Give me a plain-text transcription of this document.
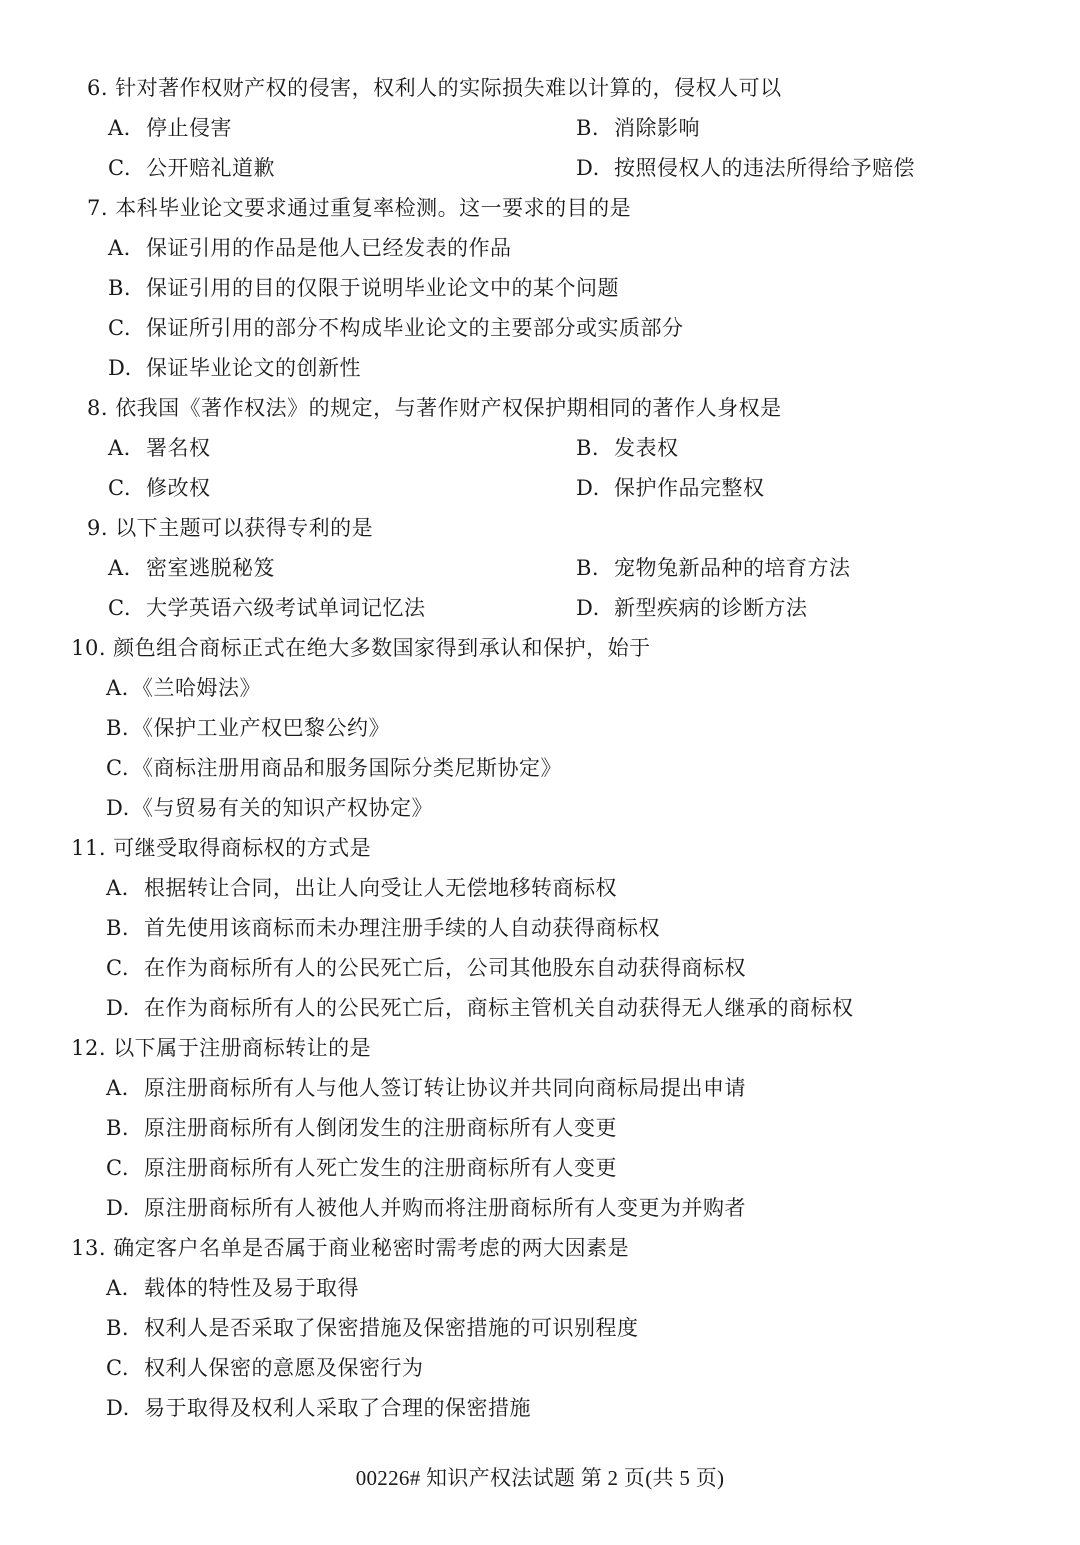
6. 针对著作权财产权的侵害，权利人的实际损失难以计算的，侵权人可以
A. 停止侵害	B. 消除影响
C. 公开赔礼道歉	D. 按照侵权人的违法所得给予赔偿
7. 本科毕业论文要求通过重复率检测。这一要求的目的是
A. 保证引用的作品是他人已经发表的作品
B. 保证引用的目的仅限于说明毕业论文中的某个问题
C. 保证所引用的部分不构成毕业论文的主要部分或实质部分
D. 保证毕业论文的创新性
8. 依我国《著作权法》的规定，与著作财产权保护期相同的著作人身权是
A. 署名权	B. 发表权
C. 修改权	D. 保护作品完整权
9. 以下主题可以获得专利的是
A. 密室逃脱秘笈	B. 宠物兔新品种的培育方法
C. 大学英语六级考试单词记忆法	D. 新型疾病的诊断方法
10. 颜色组合商标正式在绝大多数国家得到承认和保护，始于
A. 《兰哈姆法》
B. 《保护工业产权巴黎公约》
C. 《商标注册用商品和服务国际分类尼斯协定》
D. 《与贸易有关的知识产权协定》
11. 可继受取得商标权的方式是
A. 根据转让合同，出让人向受让人无偿地移转商标权
B. 首先使用该商标而未办理注册手续的人自动获得商标权
C. 在作为商标所有人的公民死亡后，公司其他股东自动获得商标权
D. 在作为商标所有人的公民死亡后，商标主管机关自动获得无人继承的商标权
12. 以下属于注册商标转让的是
A. 原注册商标所有人与他人签订转让协议并共同向商标局提出申请
B. 原注册商标所有人倒闭发生的注册商标所有人变更
C. 原注册商标所有人死亡发生的注册商标所有人变更
D. 原注册商标所有人被他人并购而将注册商标所有人变更为并购者
13. 确定客户名单是否属于商业秘密时需考虑的两大因素是
A. 载体的特性及易于取得
B. 权利人是否采取了保密措施及保密措施的可识别程度
C. 权利人保密的意愿及保密行为
D. 易于取得及权利人采取了合理的保密措施
00226# 知识产权法试题 第 2 页(共 5 页)
